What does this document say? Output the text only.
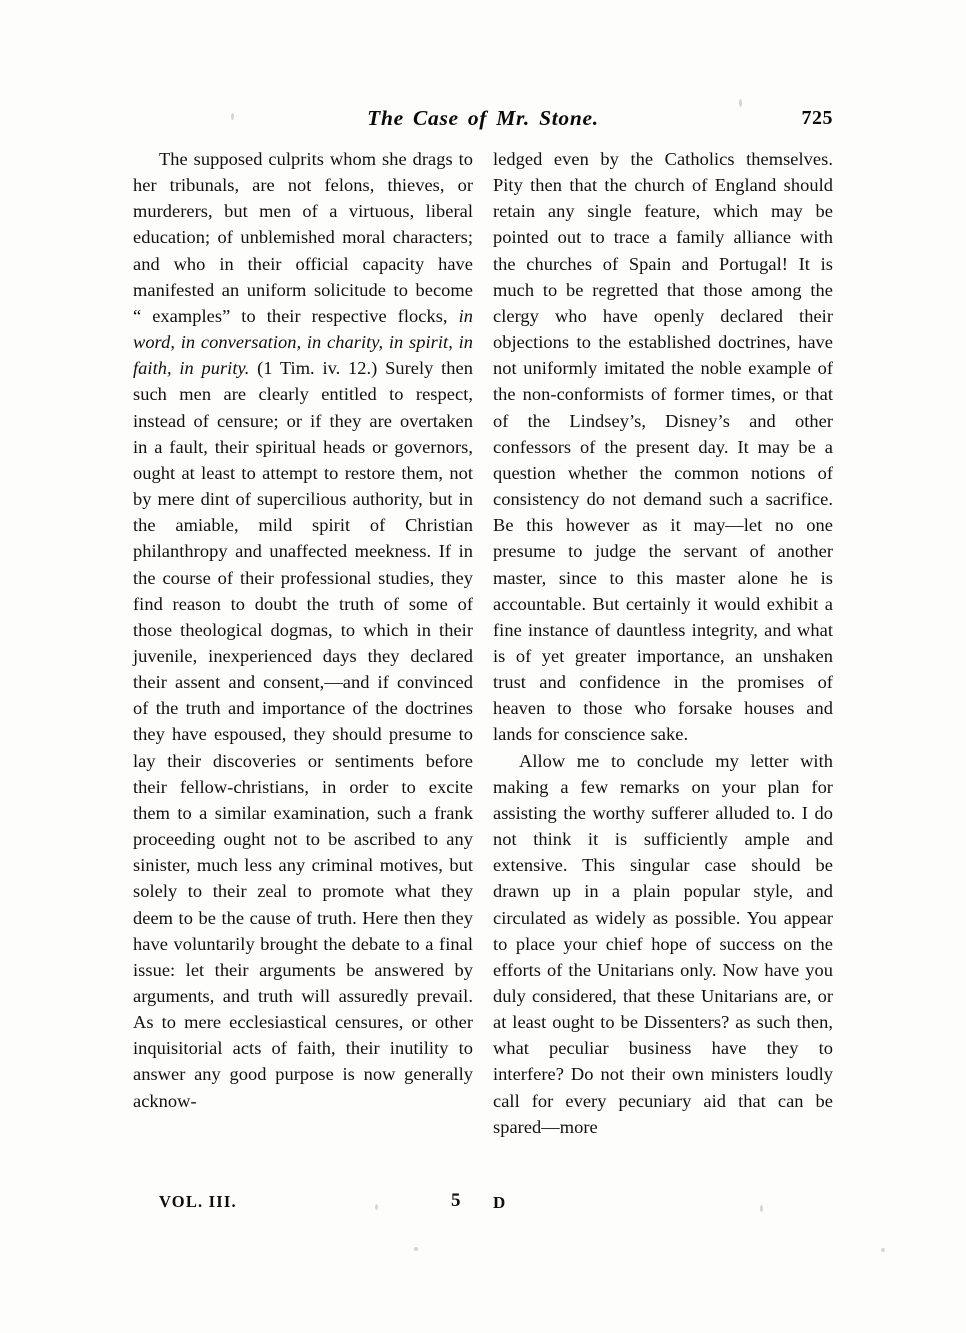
The Case of Mr. Stone.	725

The supposed culprits whom she drags to her tribunals, are not felons, thieves, or murderers, but men of a virtuous, liberal education; of unblemished moral characters; and who in their official capacity have manifested an uniform solicitude to become “ examples” to their respective flocks, in word, in conversation, in charity, in spirit, in faith, in purity. (1 Tim. iv. 12.) Surely then such men are clearly entitled to respect, instead of censure; or if they are overtaken in a fault, their spiritual heads or governors, ought at least to attempt to restore them, not by mere dint of supercilious authority, but in the amiable, mild spirit of Christian philanthropy and unaffected meekness. If in the course of their professional studies, they find reason to doubt the truth of some of those theological dogmas, to which in their juvenile, inexperienced days they declared their assent and consent,—and if convinced of the truth and importance of the doctrines they have espoused, they should presume to lay their discoveries or sentiments before their fellow-christians, in order to excite them to a similar examination, such a frank proceeding ought not to be ascribed to any sinister, much less any criminal motives, but solely to their zeal to promote what they deem to be the cause of truth. Here then they have voluntarily brought the debate to a final issue: let their arguments be answered by arguments, and truth will assuredly prevail. As to mere ecclesiastical censures, or other inquisitorial acts of faith, their inutility to answer any good purpose is now generally acknow-

ledged even by the Catholics themselves. Pity then that the church of England should retain any single feature, which may be pointed out to trace a family alliance with the churches of Spain and Portugal! It is much to be regretted that those among the clergy who have openly declared their objections to the established doctrines, have not uniformly imitated the noble example of the non-conformists of former times, or that of the Lindsey’s, Disney’s and other confessors of the present day. It may be a question whether the common notions of consistency do not demand such a sacrifice. Be this however as it may—let no one presume to judge the servant of another master, since to this master alone he is accountable. But certainly it would exhibit a fine instance of dauntless integrity, and what is of yet greater importance, an unshaken trust and confidence in the promises of heaven to those who forsake houses and lands for conscience sake.

Allow me to conclude my letter with making a few remarks on your plan for assisting the worthy sufferer alluded to. I do not think it is sufficiently ample and extensive. This singular case should be drawn up in a plain popular style, and circulated as widely as possible. You appear to place your chief hope of success on the efforts of the Unitarians only. Now have you duly considered, that these Unitarians are, or at least ought to be Dissenters? as such then, what peculiar business have they to interfere? Do not their own ministers loudly call for every pecuniary aid that can be spared—more

VOL. III.	5 D
